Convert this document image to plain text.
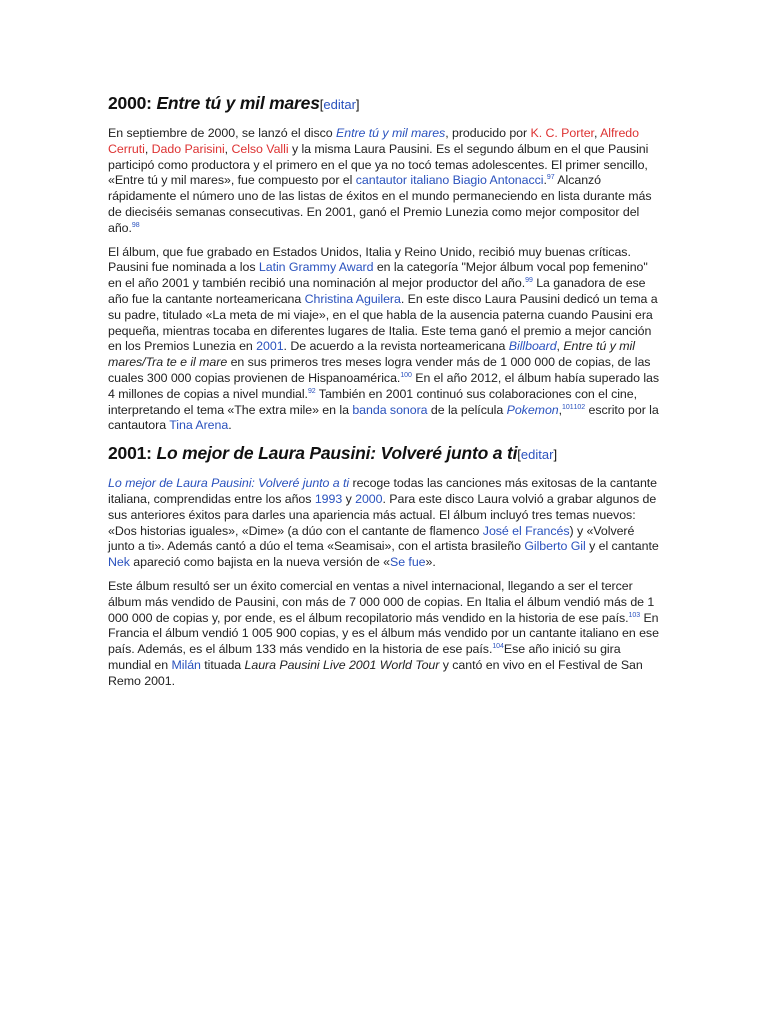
2000: Entre tú y mil mares[editar]

En septiembre de 2000, se lanzó el disco Entre tú y mil mares, producido por K. C. Porter, Alfredo Cerruti, Dado Parisini, Celso Valli y la misma Laura Pausini. Es el segundo álbum en el que Pausini participó como productora y el primero en el que ya no tocó temas adolescentes. El primer sencillo, «Entre tú y mil mares», fue compuesto por el cantautor italiano Biagio Antonacci.$^{97}$ Alcanzó rápidamente el número uno de las listas de éxitos en el mundo permaneciendo en lista durante más de dieciséis semanas consecutivas. En 2001, ganó el Premio Lunezia como mejor compositor del año.$^{98}$

El álbum, que fue grabado en Estados Unidos, Italia y Reino Unido, recibió muy buenas críticas. Pausini fue nominada a los Latin Grammy Award en la categoría "Mejor álbum vocal pop femenino" en el año 2001 y también recibió una nominación al mejor productor del año.$^{99}$ La ganadora de ese año fue la cantante norteamericana Christina Aguilera. En este disco Laura Pausini dedicó un tema a su padre, titulado «La meta de mi viaje», en el que habla de la ausencia paterna cuando Pausini era pequeña, mientras tocaba en diferentes lugares de Italia. Este tema ganó el premio a mejor canción en los Premios Lunezia en 2001. De acuerdo a la revista norteamericana Billboard, Entre tú y mil mares/Tra te e il mare en sus primeros tres meses logra vender más de 1 000 000 de copias, de las cuales 300 000 copias provienen de Hispanoamérica.$^{100}$ En el año 2012, el álbum había superado las 4 millones de copias a nivel mundial.$^{92}$ También en 2001 continuó sus colaboraciones con el cine, interpretando el tema «The extra mile» en la banda sonora de la película Pokemon,$^{101102}$ escrito por la cantautora Tina Arena.

2001: Lo mejor de Laura Pausini: Volveré junto a ti[editar]

Lo mejor de Laura Pausini: Volveré junto a ti recoge todas las canciones más exitosas de la cantante italiana, comprendidas entre los años 1993 y 2000. Para este disco Laura volvió a grabar algunos de sus anteriores éxitos para darles una apariencia más actual. El álbum incluyó tres temas nuevos: «Dos historias iguales», «Dime» (a dúo con el cantante de flamenco José el Francés) y «Volveré junto a ti». Además cantó a dúo el tema «Seamisai», con el artista brasileño Gilberto Gil y el cantante Nek apareció como bajista en la nueva versión de «Se fue».

Este álbum resultó ser un éxito comercial en ventas a nivel internacional, llegando a ser el tercer álbum más vendido de Pausini, con más de 7 000 000 de copias. En Italia el álbum vendió más de 1 000 000 de copias y, por ende, es el álbum recopilatorio más vendido en la historia de ese país.$^{103}$ En Francia el álbum vendió 1 005 900 copias, y es el álbum más vendido por un cantante italiano en ese país. Además, es el álbum 133 más vendido en la historia de ese país.$^{104}$Ese año inició su gira mundial en Milán tituada Laura Pausini Live 2001 World Tour y cantó en vivo en el Festival de San Remo 2001.
